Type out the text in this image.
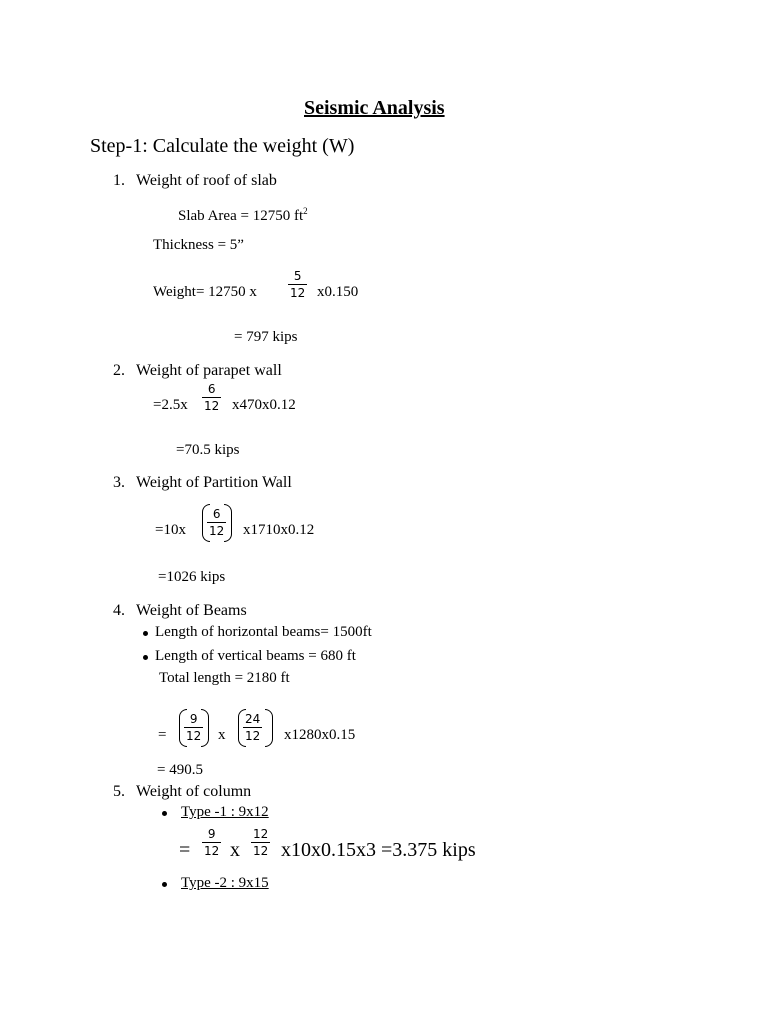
Seismic Analysis
Step-1: Calculate the weight (W)
1. Weight of roof of slab
Slab Area = 12750 $ft^2$
Thickness = 5”
Weight= 12750 x	$\frac{5}{12} x0.150$
= 797 kips
2. Weight of parapet wall
$=2.5x \frac{6}{12} x470x0.12$
=70.5 kips
3. Weight of Partition Wall
$=10x \frac{6}{12} x1710x0.12$
=1026 kips
4. Weight of Beams
Length of horizontal beams= 1500ft
Length of vertical beams = 680 ft
Total length = 2180 ft
= $\frac{9}{12}$ x $\frac{24}{12} x1280x0.15$
= 490.5
5. Weight of column
Type -1 : 9x12
= $\frac{9}{12}$ x $\frac{12}{12} x10x0.15x3 =3.375$ kips
Type -2 : 9x15
